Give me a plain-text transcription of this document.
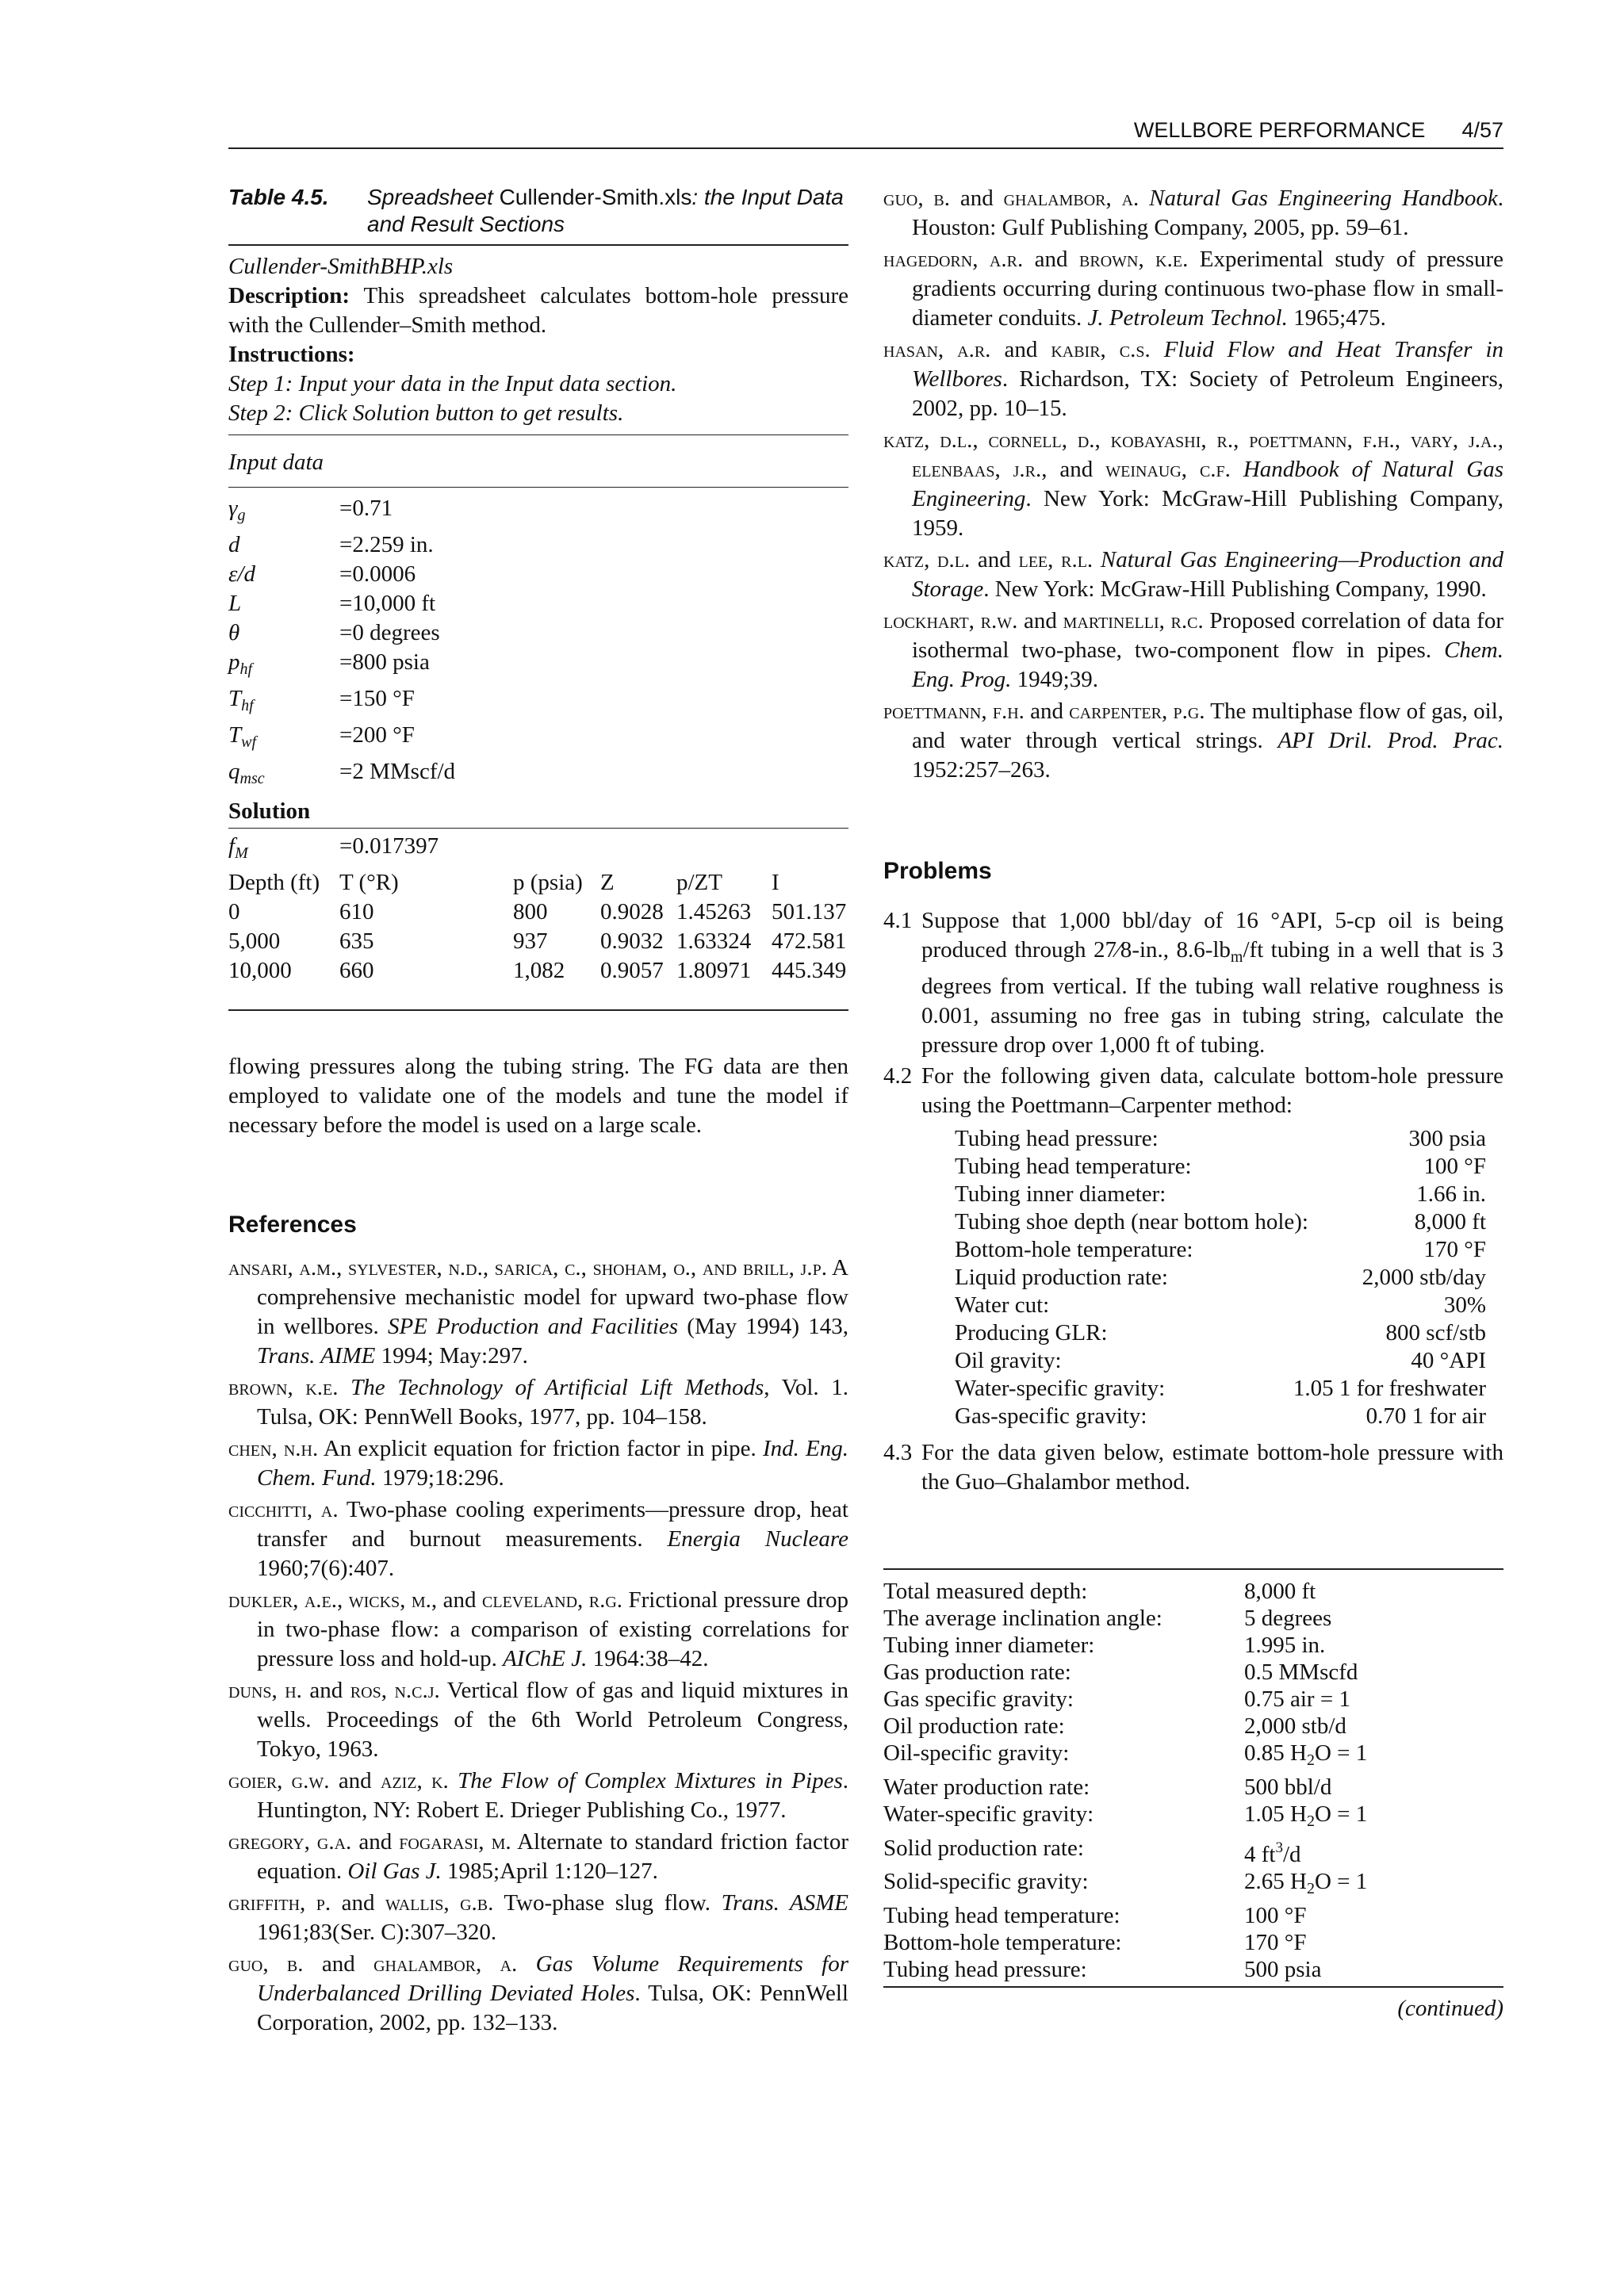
WELLBORE PERFORMANCE 4/57
Table 4.5.	Spreadsheet Cullender-Smith.xls: the Input Data and Result Sections
Cullender-SmithBHP.xls
Description: This spreadsheet calculates bottom-hole pressure with the Cullender–Smith method.
Instructions:
Step 1: Input your data in the Input data section.
Step 2: Click Solution button to get results.
Input data
$\gamma_g$	=0.71
d	=2.259 in.
ε/d	=0.0006
L	=10,000 ft
θ	=0 degrees
$p_{hf}$	=800 psia
$T_{hf}$	=150 °F
$T_{wf}$	=200 °F
$q_{msc}$	=2 MMscf/d
Solution
$f_M$	=0.017397
Depth (ft) T (°R)	p (psia) Z	p/ZT	I
0	610	800	0.9028 1.45263 501.137
5,000	635	937	0.9032 1.63324 472.581
10,000	660	1,082	0.9057 1.80971 445.349
flowing pressures along the tubing string. The FG data are then employed to validate one of the models and tune the model if necessary before the model is used on a large scale.
References
ansari, a.m., sylvester, n.d., sarica, c., shoham, o., and brill, j.p. A comprehensive mechanistic model for upward two-phase flow in wellbores. SPE Production and Facilities (May 1994) 143, Trans. AIME 1994; May:297.
brown, k.e. The Technology of Artificial Lift Methods, Vol. 1. Tulsa, OK: PennWell Books, 1977, pp. 104–158.
chen, n.h. An explicit equation for friction factor in pipe. Ind. Eng. Chem. Fund. 1979;18:296.
cicchitti, a. Two-phase cooling experiments—pressure drop, heat transfer and burnout measurements. Energia Nucleare 1960;7(6):407.
dukler, a.e., wicks, m., and cleveland, r.g. Frictional pressure drop in two-phase flow: a comparison of existing correlations for pressure loss and hold-up. AIChE J. 1964:38–42.
duns, h. and ros, n.c.j. Vertical flow of gas and liquid mixtures in wells. Proceedings of the 6th World Petroleum Congress, Tokyo, 1963.
goier, g.w. and aziz, k. The Flow of Complex Mixtures in Pipes. Huntington, NY: Robert E. Drieger Publishing Co., 1977.
gregory, g.a. and fogarasi, m. Alternate to standard friction factor equation. Oil Gas J. 1985;April 1:120–127.
griffith, p. and wallis, g.b. Two-phase slug flow. Trans. ASME 1961;83(Ser. C):307–320.
guo, b. and ghalambor, a. Gas Volume Requirements for Underbalanced Drilling Deviated Holes. Tulsa, OK: PennWell Corporation, 2002, pp. 132–133.
guo, b. and ghalambor, a. Natural Gas Engineering Handbook. Houston: Gulf Publishing Company, 2005, pp. 59–61.
hagedorn, a.r. and brown, k.e. Experimental study of pressure gradients occurring during continuous two-phase flow in small-diameter conduits. J. Petroleum Technol. 1965;475.
hasan, a.r. and kabir, c.s. Fluid Flow and Heat Transfer in Wellbores. Richardson, TX: Society of Petroleum Engineers, 2002, pp. 10–15.
katz, d.l., cornell, d., kobayashi, r., poettmann, f.h., vary, j.a., elenbaas, j.r., and weinaug, c.f. Handbook of Natural Gas Engineering. New York: McGraw-Hill Publishing Company, 1959.
katz, d.l. and lee, r.l. Natural Gas Engineering—Production and Storage. New York: McGraw-Hill Publishing Company, 1990.
lockhart, r.w. and martinelli, r.c. Proposed correlation of data for isothermal two-phase, two-component flow in pipes. Chem. Eng. Prog. 1949;39.
poettmann, f.h. and carpenter, p.g. The multiphase flow of gas, oil, and water through vertical strings. API Dril. Prod. Prac. 1952:257–263.
Problems
4.1 Suppose that 1,000 bbl/day of 16 °API, 5-cp oil is being produced through 27⁄8-in., $8.6-lb_m/ft$ tubing in a well that is 3 degrees from vertical. If the tubing wall relative roughness is 0.001, assuming no free gas in tubing string, calculate the pressure drop over 1,000 ft of tubing.
4.2 For the following given data, calculate bottom-hole pressure using the Poettmann–Carpenter method:
Tubing head pressure:	300 psia
Tubing head temperature:	100 °F
Tubing inner diameter:	1.66 in.
Tubing shoe depth (near bottom hole):	8,000 ft
Bottom-hole temperature:	170 °F
Liquid production rate:	2,000 stb/day
Water cut:	30%
Producing GLR:	800 scf/stb
Oil gravity:	40 °API
Water-specific gravity:	1.05 1 for freshwater
Gas-specific gravity:	0.70 1 for air
4.3 For the data given below, estimate bottom-hole pressure with the Guo–Ghalambor method.
Total measured depth:	8,000 ft
The average inclination angle:	5 degrees
Tubing inner diameter:	1.995 in.
Gas production rate:	0.5 MMscfd
Gas specific gravity:	0.75 air = 1
Oil production rate:	2,000 stb/d
Oil-specific gravity:	0.85 $H_2O = 1$
Water production rate:	500 bbl/d
Water-specific gravity:	1.05 $H_2O = 1$
Solid production rate:	4 $ft^3/d$
Solid-specific gravity:	2.65 $H_2O = 1$
Tubing head temperature:	100 °F
Bottom-hole temperature:	170 °F
Tubing head pressure:	500 psia
(continued)
